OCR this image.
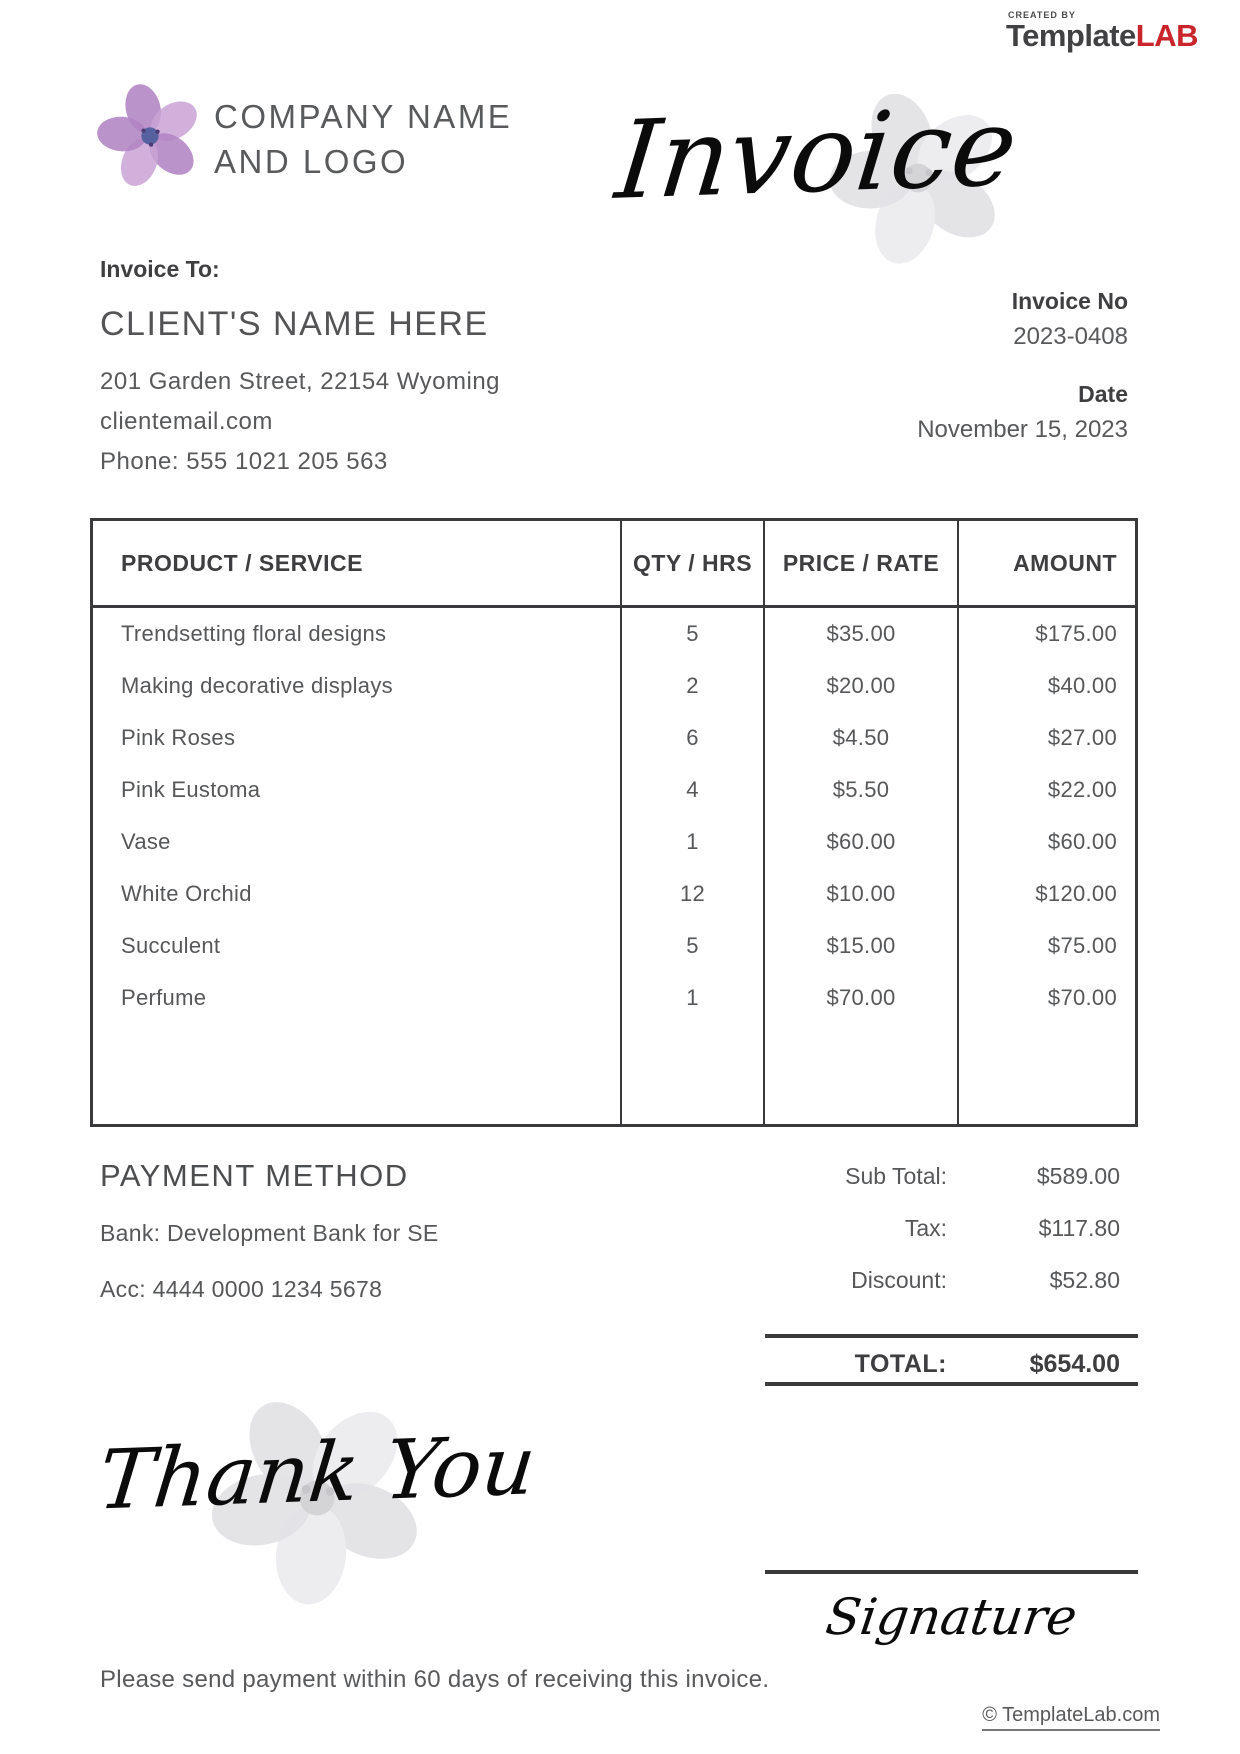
CREATED BY
TemplateLAB
COMPANY NAME
AND LOGO	Invoice
Invoice To:
CLIENT'S NAME HERE
201 Garden Street, 22154 Wyoming
clientemail.com
Phone: 555 1021 205 563
Invoice No
2023-0408
Date
November 15, 2023
PRODUCT / SERVICE	QTY / HRS	PRICE / RATE	AMOUNT
Trendsetting floral designs	5	$35.00	$175.00
Making decorative displays	2	$20.00	$40.00
Pink Roses	6	$4.50	$27.00
Pink Eustoma	4	$5.50	$22.00
Vase	1	$60.00	$60.00
White Orchid	12	$10.00	$120.00
Succulent	5	$15.00	$75.00
Perfume	1	$70.00	$70.00
PAYMENT METHOD
Bank: Development Bank for SE
Acc: 4444 0000 1234 5678
Sub Total:	$589.00
Tax:	$117.80
Discount:	$52.80
TOTAL:	$654.00
Thank You
Signature
Please send payment within 60 days of receiving this invoice.
© TemplateLab.com
